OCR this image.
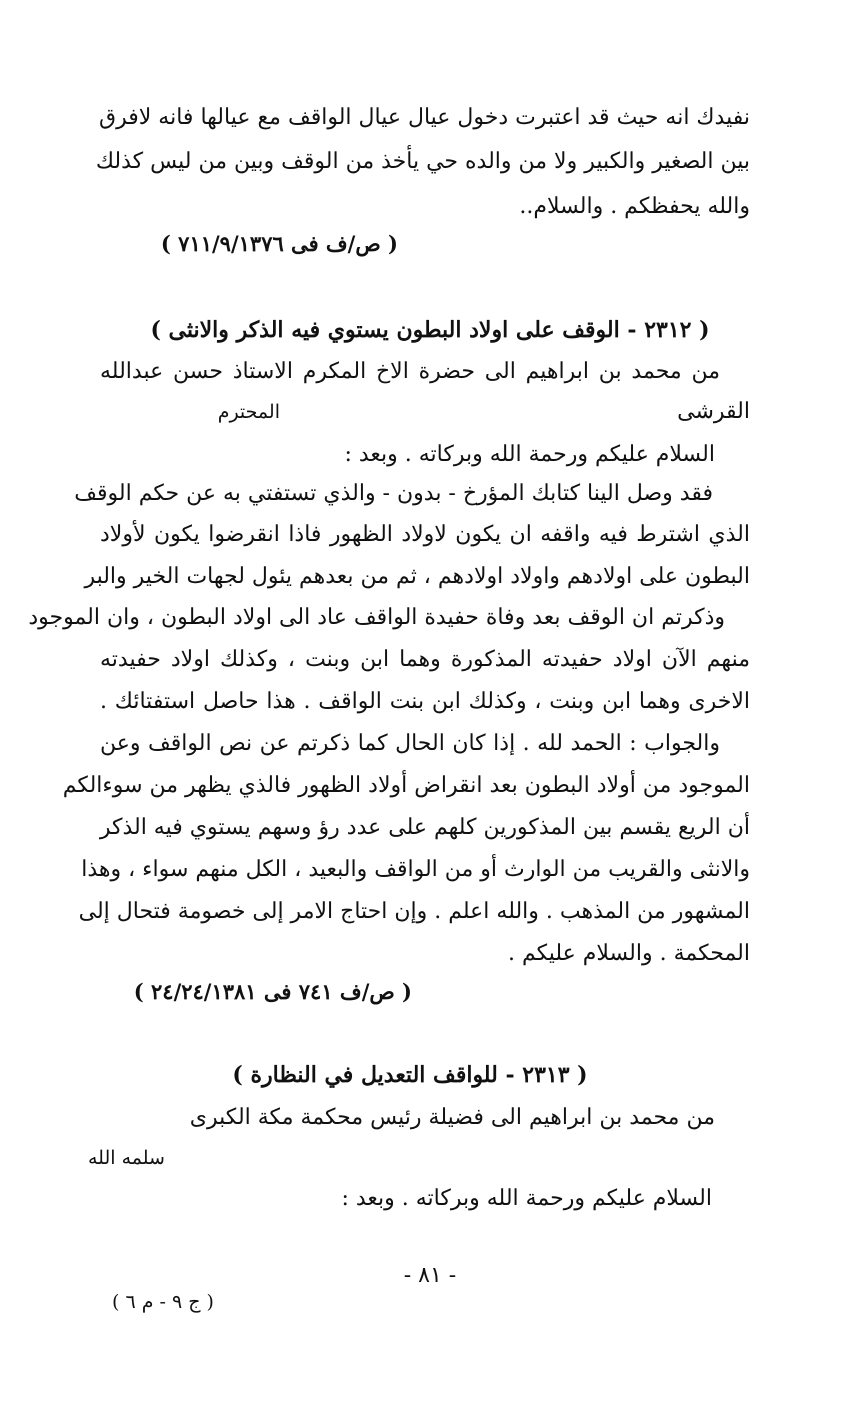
نفيدك انه حيث قد اعتبرت دخول عيال عيال الواقف مع عيالها فانه لافرق

بين الصغير والكبير ولا من والده حي يأخذ من الوقف وبين من ليس كذلك

والله يحفظكم . والسلام..

( ص/ف فى ٧١١/٩/١٣٧٦ )

( ٢٣١٢ - الوقف على اولاد البطون يستوي فيه الذكر والانثى )

من محمد بن ابراهيم الى حضرة الاخ المكرم الاستاذ حسن عبدالله

القرشى

المحترم

السلام عليكم ورحمة الله وبركاته . وبعد :

فقد وصل الينا كتابك المؤرخ - بدون - والذي تستفتي به عن حكم الوقف

الذي اشترط فيه واقفه ان يكون لاولاد الظهور فاذا انقرضوا يكون لأولاد

البطون على اولادهم واولاد اولادهم ، ثم من بعدهم يئول لجهات الخير والبر

وذكرتم ان الوقف بعد وفاة حفيدة الواقف عاد الى اولاد البطون ، وان الموجود

منهم الآن اولاد حفيدته المذكورة وهما ابن وبنت ، وكذلك اولاد حفيدته

الاخرى وهما ابن وبنت ، وكذلك ابن بنت الواقف . هذا حاصل استفتائك .

والجواب : الحمد لله . إذا كان الحال كما ذكرتم عن نص الواقف وعن

الموجود من أولاد البطون بعد انقراض أولاد الظهور فالذي يظهر من سوءالكم

أن الريع يقسم بين المذكورين كلهم على عدد رؤ وسهم يستوي فيه الذكر

والانثى والقريب من الوارث أو من الواقف والبعيد ، الكل منهم سواء ، وهذا

المشهور من المذهب . والله اعلم . وإن احتاج الامر إلى خصومة فتحال إلى

المحكمة . والسلام عليكم .

( ص/ف ٧٤١ فى ٢٤/٢٤/١٣٨١ )

( ٢٣١٣ - للواقف التعديل في النظارة )

من محمد بن ابراهيم الى فضيلة رئيس محكمة مكة الكبرى

سلمه الله

السلام عليكم ورحمة الله وبركاته . وبعد :

- ٨١ -

( ج ٩ - م ٦ )
